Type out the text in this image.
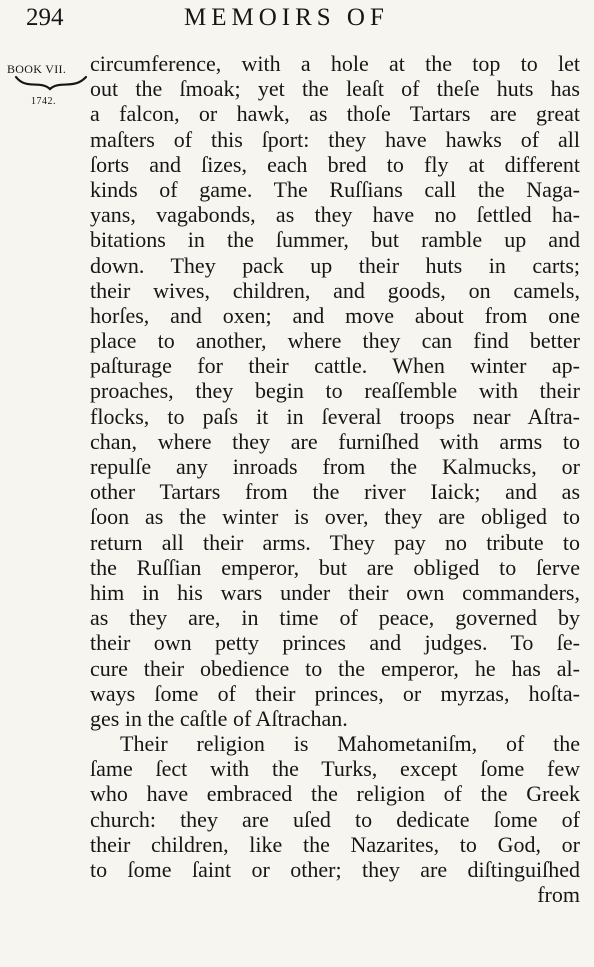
294	MEMOIRS OF
BOOK VII.
1742.
circumference, with a hole at the top to let
out the ſmoak; yet the leaſt of theſe huts has
a falcon, or hawk, as thoſe Tartars are great
maſters of this ſport: they have hawks of all
ſorts and ſizes, each bred to fly at different
kinds of game. The Ruſſians call the Naga-
yans, vagabonds, as they have no ſettled ha-
bitations in the ſummer, but ramble up and
down. They pack up their huts in carts;
their wives, children, and goods, on camels,
horſes, and oxen; and move about from one
place to another, where they can find better
paſturage for their cattle. When winter ap-
proaches, they begin to reaſſemble with their
flocks, to paſs it in ſeveral troops near Aſtra-
chan, where they are furniſhed with arms to
repulſe any inroads from the Kalmucks, or
other Tartars from the river Iaick; and as
ſoon as the winter is over, they are obliged to
return all their arms. They pay no tribute to
the Ruſſian emperor, but are obliged to ſerve
him in his wars under their own commanders,
as they are, in time of peace, governed by
their own petty princes and judges. To ſe-
cure their obedience to the emperor, he has al-
ways ſome of their princes, or myrzas, hoſta-
ges in the caſtle of Aſtrachan.
Their religion is Mahometaniſm, of the
ſame ſect with the Turks, except ſome few
who have embraced the religion of the Greek
church: they are uſed to dedicate ſome of
their children, like the Nazarites, to God, or
to ſome ſaint or other; they are diſtinguiſhed
from
